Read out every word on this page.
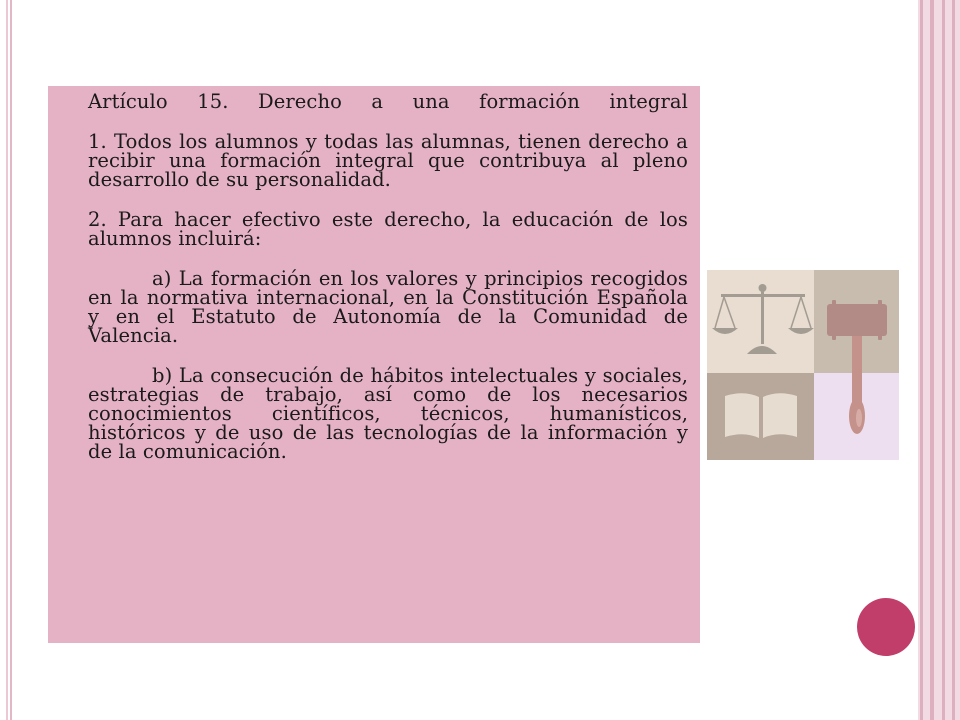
Artículo 15. Derecho a una formación integral

1. Todos los alumnos y todas las alumnas, tienen derecho a recibir una formación integral que contribuya al pleno desarrollo de su personalidad.

2. Para hacer efectivo este derecho, la educación de los alumnos incluirá:

a) La formación en los valores y principios recogidos en la normativa internacional, en la Constitución Española y en el Estatuto de Autonomía de la Comunidad de Valencia.

b) La consecución de hábitos intelectuales y sociales, estrategias de trabajo, así como de los necesarios conocimientos científicos, técnicos, humanísticos, históricos y de uso de las tecnologías de la información y de la comunicación.
